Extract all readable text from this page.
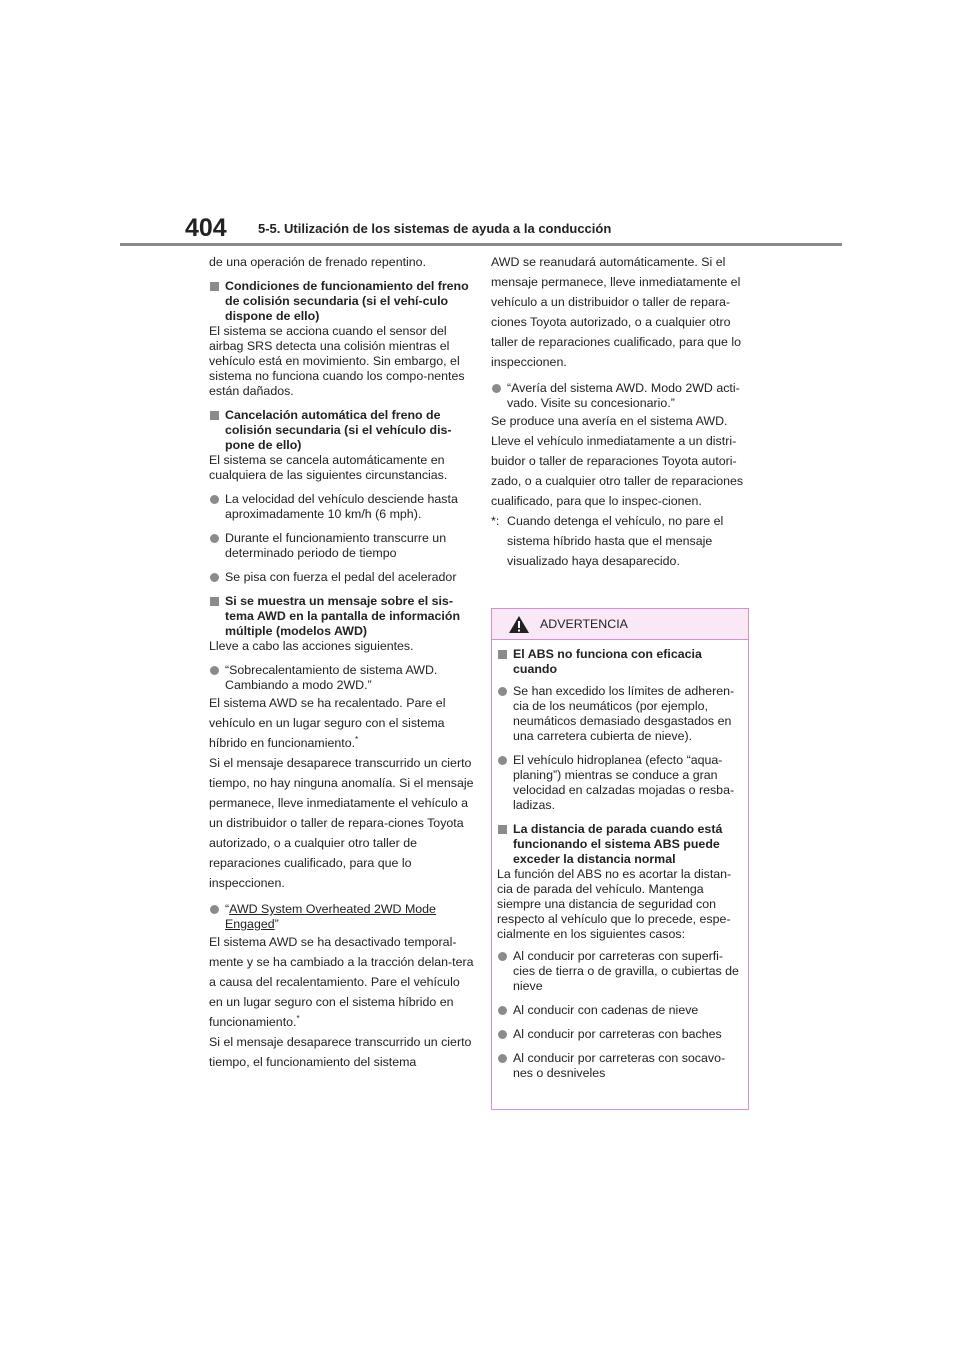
404 5-5. Utilización de los sistemas de ayuda a la conducción

de una operación de frenado repentino.

Condiciones de funcionamiento del freno de colisión secundaria (si el vehí-culo dispone de ello)

El sistema se acciona cuando el sensor del airbag SRS detecta una colisión mientras el vehículo está en movimiento. Sin embargo, el sistema no funciona cuando los compo-nentes están dañados.

Cancelación automática del freno de colisión secundaria (si el vehículo dis-pone de ello)

El sistema se cancela automáticamente en cualquiera de las siguientes circunstancias.

La velocidad del vehículo desciende hasta aproximadamente 10 km/h (6 mph).
Durante el funcionamiento transcurre un determinado periodo de tiempo
Se pisa con fuerza el pedal del acelerador
Si se muestra un mensaje sobre el sis-tema AWD en la pantalla de información múltiple (modelos AWD)

Lleve a cabo las acciones siguientes.

“Sobrecalentamiento de sistema AWD. Cambiando a modo 2WD.”

El sistema AWD se ha recalentado. Pare el vehículo en un lugar seguro con el sistema híbrido en funcionamiento.*

Si el mensaje desaparece transcurrido un cierto tiempo, no hay ninguna anomalía. Si el mensaje permanece, lleve inmediatamente el vehículo a un distribuidor o taller de repara-ciones Toyota autorizado, o a cualquier otro taller de reparaciones cualificado, para que lo inspeccionen.

“AWD System Overheated 2WD Mode Engaged”

El sistema AWD se ha desactivado temporal-mente y se ha cambiado a la tracción delan-tera a causa del recalentamiento. Pare el vehículo en un lugar seguro con el sistema híbrido en funcionamiento.*

Si el mensaje desaparece transcurrido un cierto tiempo, el funcionamiento del sistema

AWD se reanudará automáticamente. Si el mensaje permanece, lleve inmediatamente el vehículo a un distribuidor o taller de repara-ciones Toyota autorizado, o a cualquier otro taller de reparaciones cualificado, para que lo inspeccionen.

“Avería del sistema AWD. Modo 2WD acti-vado. Visite su concesionario.”

Se produce una avería en el sistema AWD. Lleve el vehículo inmediatamente a un distri-buidor o taller de reparaciones Toyota autori-zado, o a cualquier otro taller de reparaciones cualificado, para que lo inspec-cionen.

*: Cuando detenga el vehículo, no pare el sistema híbrido hasta que el mensaje visualizado haya desaparecido.
ADVERTENCIA
El ABS no funciona con eficacia cuando
Se han excedido los límites de adheren-cia de los neumáticos (por ejemplo, neumáticos demasiado desgastados en una carretera cubierta de nieve).
El vehículo hidroplanea (efecto “aqua-planing”) mientras se conduce a gran velocidad en calzadas mojadas o resba-ladizas.
La distancia de parada cuando está funcionando el sistema ABS puede exceder la distancia normal

La función del ABS no es acortar la distan-cia de parada del vehículo. Mantenga siempre una distancia de seguridad con respecto al vehículo que lo precede, espe-cialmente en los siguientes casos:

Al conducir por carreteras con superfi-cies de tierra o de gravilla, o cubiertas de nieve
Al conducir con cadenas de nieve
Al conducir por carreteras con baches
Al conducir por carreteras con socavo-nes o desniveles
